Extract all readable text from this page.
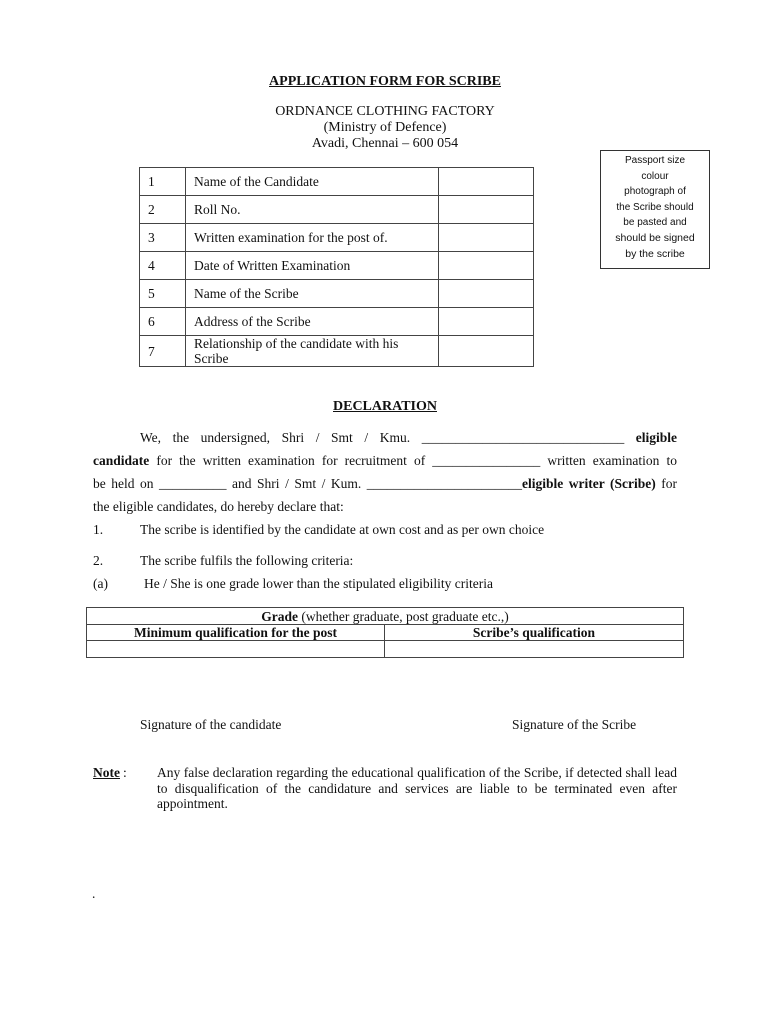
APPLICATION FORM FOR SCRIBE
ORDNANCE CLOTHING FACTORY
(Ministry of Defence)
Avadi, Chennai – 600 054
Passport size
colour
photograph of
the Scribe should
be pasted and
should be signed
by the scribe
1	Name of the Candidate	
2	Roll No.	
3	Written examination for the post of.	
4	Date of Written Examination	
5	Name of the Scribe	
6	Address of the Scribe	
7	Relationship of the candidate with his Scribe	
DECLARATION
We, the undersigned, Shri / Smt / Kmu. ______________________________ eligible
candidate for the written examination for recruitment of ________________ written examination to
be held on __________ and Shri / Smt / Kum. _______________________eligible writer (Scribe) for
the eligible candidates, do hereby declare that:
1.	The scribe is identified by the candidate at own cost and as per own choice
2.	The scribe fulfils the following criteria:
(a)	He / She is one grade lower than the stipulated eligibility criteria
Grade (whether graduate, post graduate etc.,)	
Minimum qualification for the post	Scribe’s qualification

Signature of the candidate	Signature of the Scribe
Note : Any false declaration regarding the educational qualification of the Scribe, if detected shall lead to disqualification of the candidature and services are liable to be terminated even after appointment.
.
